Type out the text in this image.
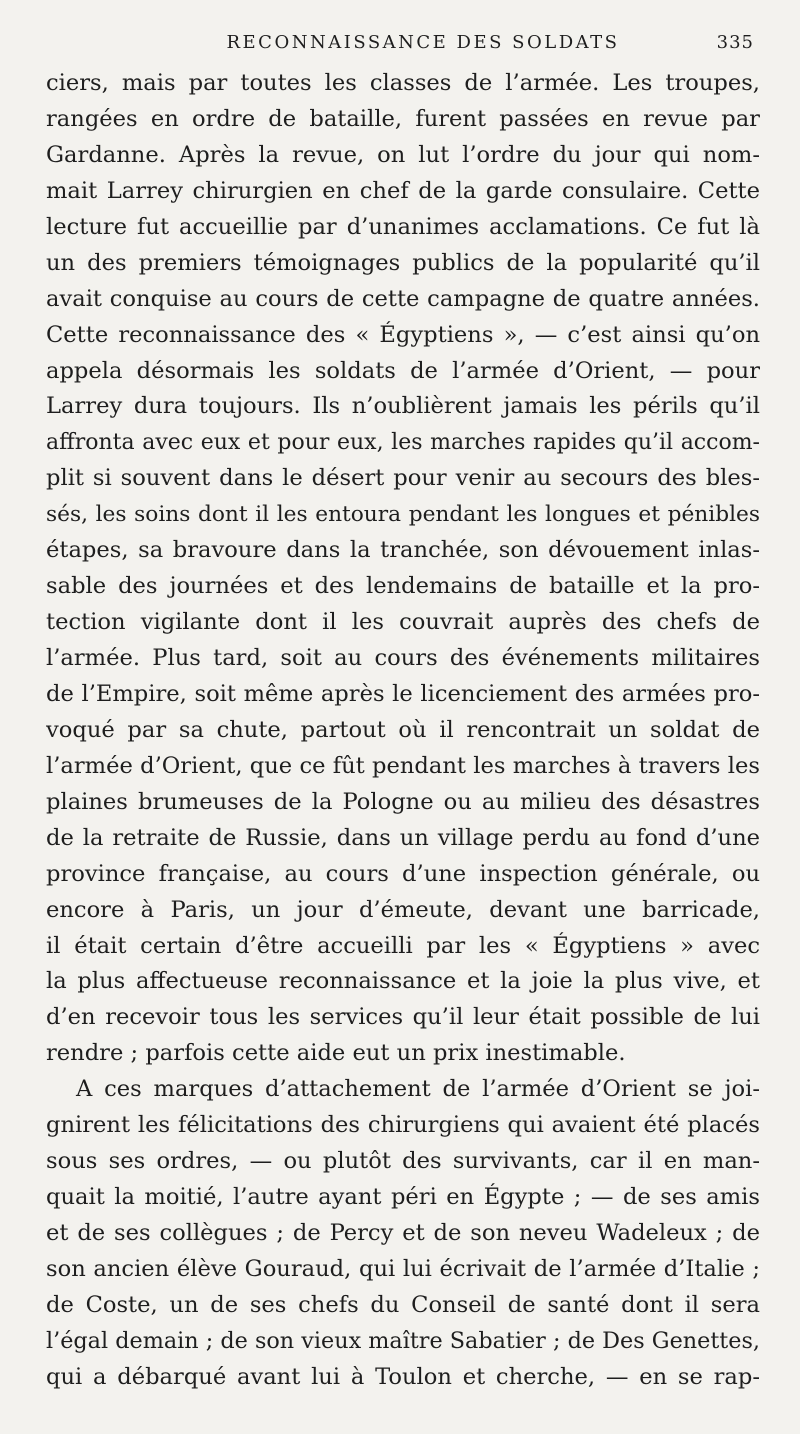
RECONNAISSANCE DES SOLDATS	335
ciers, mais par toutes les classes de l’armée. Les troupes,
rangées en ordre de bataille, furent passées en revue par
Gardanne. Après la revue, on lut l’ordre du jour qui nom-
mait Larrey chirurgien en chef de la garde consulaire. Cette
lecture fut accueillie par d’unanimes acclamations. Ce fut là
un des premiers témoignages publics de la popularité qu’il
avait conquise au cours de cette campagne de quatre années.
Cette reconnaissance des « Égyptiens », — c’est ainsi qu’on
appela désormais les soldats de l’armée d’Orient, — pour
Larrey dura toujours. Ils n’oublièrent jamais les périls qu’il
affronta avec eux et pour eux, les marches rapides qu’il accom-
plit si souvent dans le désert pour venir au secours des bles-
sés, les soins dont il les entoura pendant les longues et pénibles
étapes, sa bravoure dans la tranchée, son dévouement inlas-
sable des journées et des lendemains de bataille et la pro-
tection vigilante dont il les couvrait auprès des chefs de
l’armée. Plus tard, soit au cours des événements militaires
de l’Empire, soit même après le licenciement des armées pro-
voqué par sa chute, partout où il rencontrait un soldat de
l’armée d’Orient, que ce fût pendant les marches à travers les
plaines brumeuses de la Pologne ou au milieu des désastres
de la retraite de Russie, dans un village perdu au fond d’une
province française, au cours d’une inspection générale, ou
encore à Paris, un jour d’émeute, devant une barricade,
il était certain d’être accueilli par les « Égyptiens » avec
la plus affectueuse reconnaissance et la joie la plus vive, et
d’en recevoir tous les services qu’il leur était possible de lui
rendre ; parfois cette aide eut un prix inestimable.
A ces marques d’attachement de l’armée d’Orient se joi-
gnirent les félicitations des chirurgiens qui avaient été placés
sous ses ordres, — ou plutôt des survivants, car il en man-
quait la moitié, l’autre ayant péri en Égypte ; — de ses amis
et de ses collègues ; de Percy et de son neveu Wadeleux ; de
son ancien élève Gouraud, qui lui écrivait de l’armée d’Italie ;
de Coste, un de ses chefs du Conseil de santé dont il sera
l’égal demain ; de son vieux maître Sabatier ; de Des Genettes,
qui a débarqué avant lui à Toulon et cherche, — en se rap-
